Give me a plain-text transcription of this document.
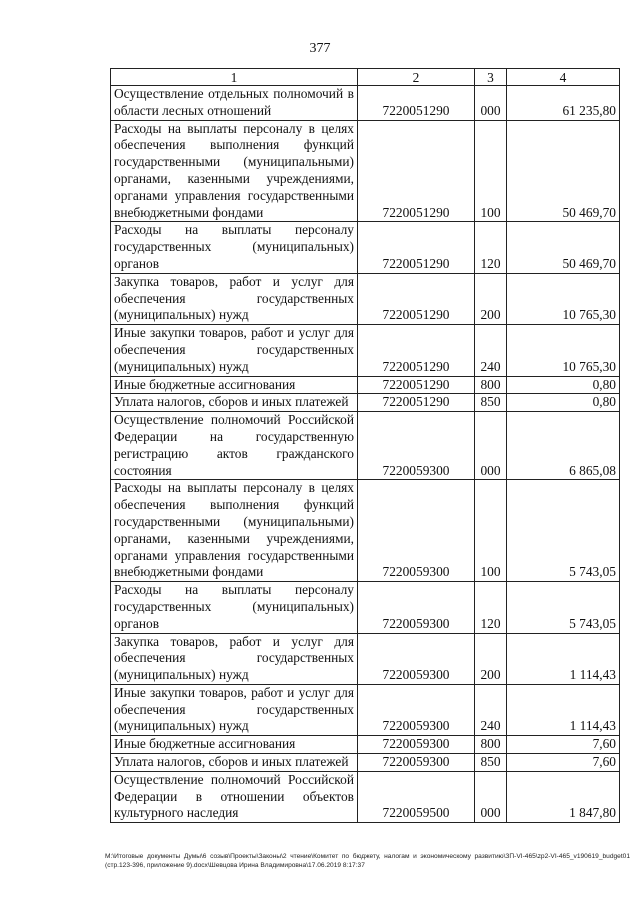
377
1	2	3	4
Осуществление отдельных полномочий в области лесных отношений	7220051290	000	61 235,80
Расходы на выплаты персоналу в целях обеспечения выполнения функций государственными (муниципальными) органами, казенными учреждениями, органами управления государственными внебюджетными фондами	7220051290	100	50 469,70
Расходы на выплаты персоналу государственных (муниципальных) органов	7220051290	120	50 469,70
Закупка товаров, работ и услуг для обеспечения государственных (муниципальных) нужд	7220051290	200	10 765,30
Иные закупки товаров, работ и услуг для обеспечения государственных (муниципальных) нужд	7220051290	240	10 765,30
Иные бюджетные ассигнования	7220051290	800	0,80
Уплата налогов, сборов и иных платежей	7220051290	850	0,80
Осуществление полномочий Российской Федерации на государственную регистрацию актов гражданского состояния	7220059300	000	6 865,08
Расходы на выплаты персоналу в целях обеспечения выполнения функций государственными (муниципальными) органами, казенными учреждениями, органами управления государственными внебюджетными фондами	7220059300	100	5 743,05
Расходы на выплаты персоналу государственных (муниципальных) органов	7220059300	120	5 743,05
Закупка товаров, работ и услуг для обеспечения государственных (муниципальных) нужд	7220059300	200	1 114,43
Иные закупки товаров, работ и услуг для обеспечения государственных (муниципальных) нужд	7220059300	240	1 114,43
Иные бюджетные ассигнования	7220059300	800	7,60
Уплата налогов, сборов и иных платежей	7220059300	850	7,60
Осуществление полномочий Российской Федерации в отношении объектов культурного наследия	7220059500	000	1 847,80
M:\Итоговые документы Думы\6 созыв\Проекты\Законы\2 чтение\Комитет по бюджету, налогам и экономическому развитию\ЗП-VI-465\zp2-VI-465_v190619_budget01 (стр.123-396, приложение 9).docx\Шевцова Ирина Владимировна\17.06.2019 8:17:37
